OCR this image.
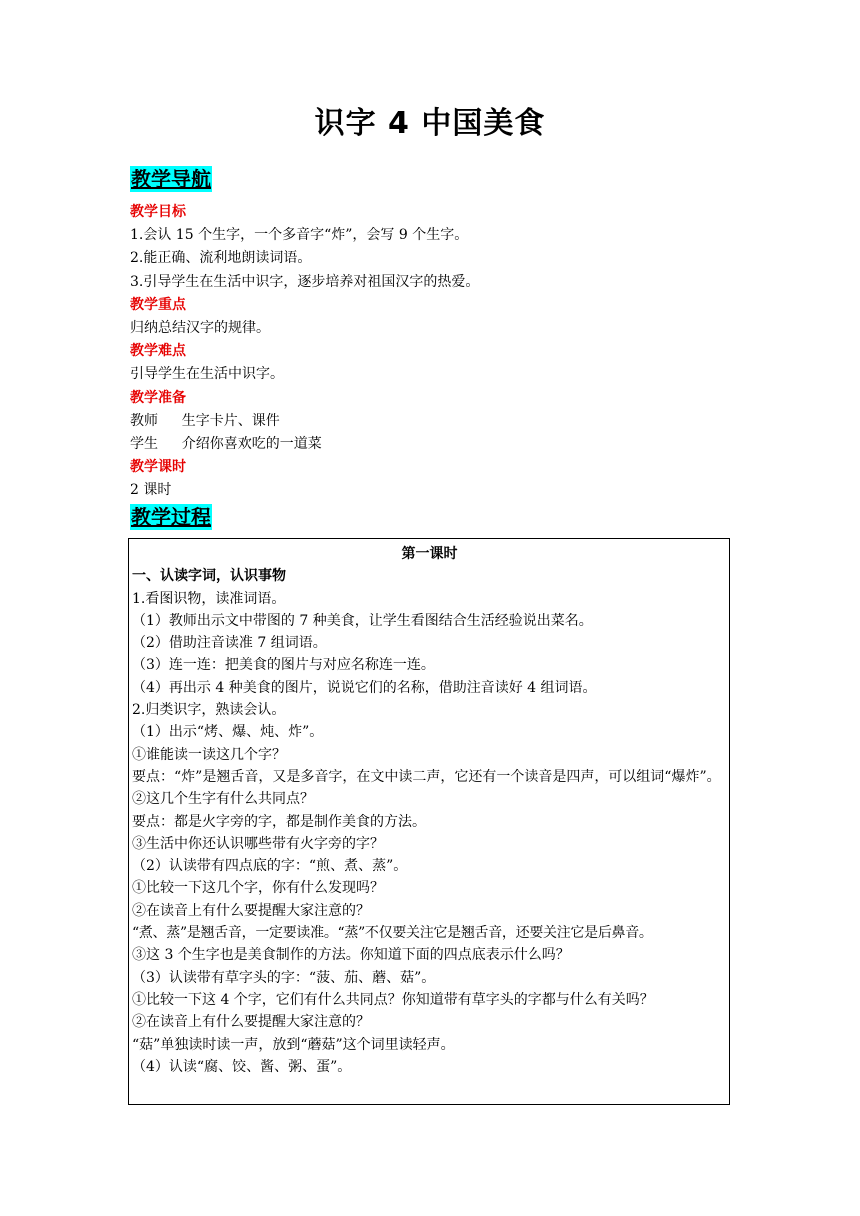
识字 4 中国美食
教学导航
教学目标
1.会认 15 个生字，一个多音字“炸”，会写 9 个生字。
2.能正确、流利地朗读词语。
3.引导学生在生活中识字，逐步培养对祖国汉字的热爱。
教学重点
归纳总结汉字的规律。
教学难点
引导学生在生活中识字。
教学准备
教师 生字卡片、课件
学生 介绍你喜欢吃的一道菜
教学课时
2 课时
教学过程
第一课时
一、认读字词，认识事物
1.看图识物，读准词语。
（1）教师出示文中带图的 7 种美食，让学生看图结合生活经验说出菜名。
（2）借助注音读准 7 组词语。
（3）连一连：把美食的图片与对应名称连一连。
（4）再出示 4 种美食的图片，说说它们的名称，借助注音读好 4 组词语。
2.归类识字，熟读会认。
（1）出示“烤、爆、炖、炸”。
①谁能读一读这几个字？
要点：“炸”是翘舌音，又是多音字，在文中读二声，它还有一个读音是四声，可以组词“爆炸”。
②这几个生字有什么共同点？
要点：都是火字旁的字，都是制作美食的方法。
③生活中你还认识哪些带有火字旁的字？
（2）认读带有四点底的字：“煎、煮、蒸”。
①比较一下这几个字，你有什么发现吗？
②在读音上有什么要提醒大家注意的？
“煮、蒸”是翘舌音，一定要读准。“蒸”不仅要关注它是翘舌音，还要关注它是后鼻音。
③这 3 个生字也是美食制作的方法。你知道下面的四点底表示什么吗？
（3）认读带有草字头的字：“菠、茄、蘑、菇”。
①比较一下这 4 个字，它们有什么共同点？你知道带有草字头的字都与什么有关吗？
②在读音上有什么要提醒大家注意的？
“菇”单独读时读一声，放到“蘑菇”这个词里读轻声。
（4）认读“腐、饺、酱、粥、蛋”。
